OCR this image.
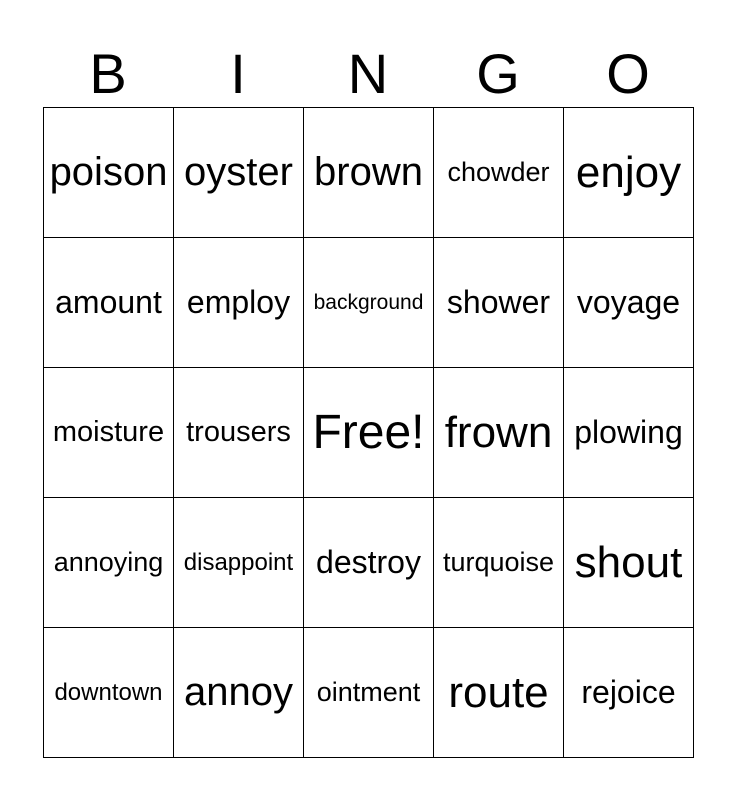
B	I	N	G	O
poison oyster brown chowder enjoy
amount employ	background shower voyage
moisture trousers Free! frown plowing
annoying disappoint destroy turquoise shout
downtown annoy ointment route	rejoice
